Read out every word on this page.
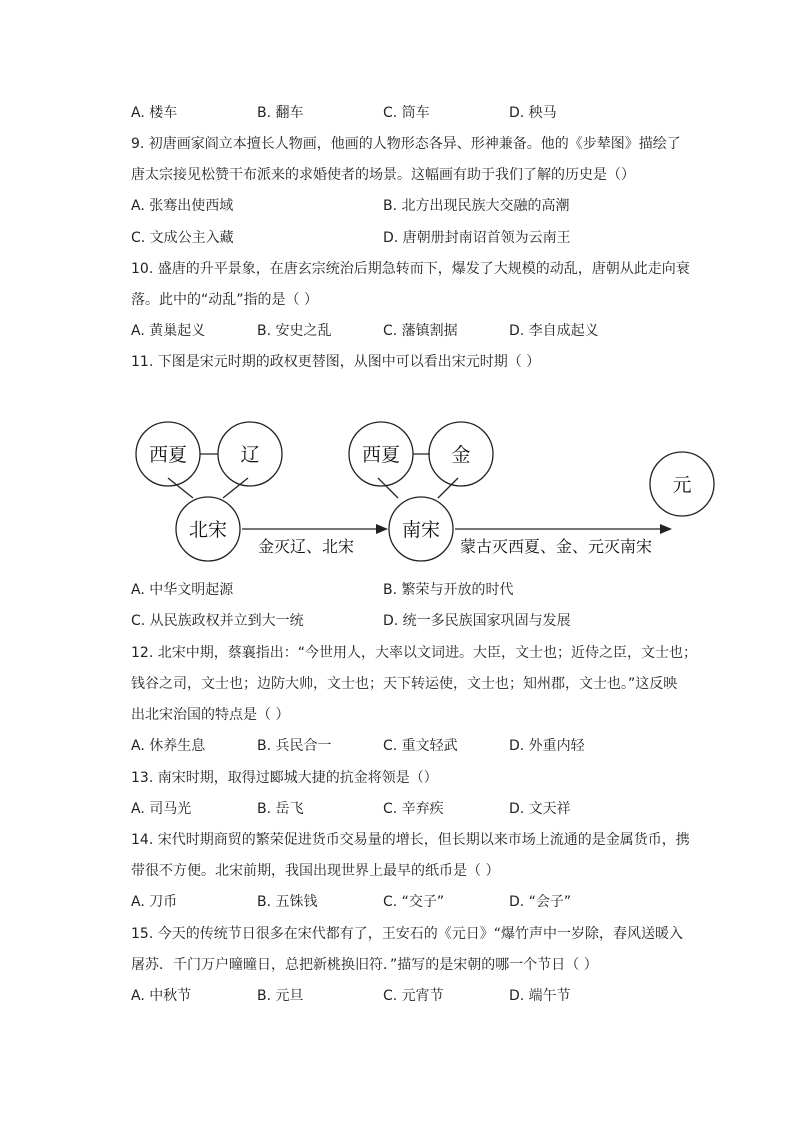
A. 楼车	B. 翻车	C. 筒车	D. 秧马
9. 初唐画家阎立本擅长人物画，他画的人物形态各异、形神兼备。他的《步辇图》描绘了
唐太宗接见松赞干布派来的求婚使者的场景。这幅画有助于我们了解的历史是（）
A. 张骞出使西域	B. 北方出现民族大交融的高潮
C. 文成公主入藏	D. 唐朝册封南诏首领为云南王
10. 盛唐的升平景象，在唐玄宗统治后期急转而下，爆发了大规模的动乱，唐朝从此走向衰
落。此中的“动乱”指的是（ ）
A. 黄巢起义	B. 安史之乱	C. 藩镇割据	D. 李自成起义
11. 下图是宋元时期的政权更替图，从图中可以看出宋元时期（ ）
西夏	辽
北宋
西夏	金
南宋
元
金灭辽、北宋	蒙古灭西夏、金、元灭南宋
A. 中华文明起源	B. 繁荣与开放的时代
C. 从民族政权并立到大一统	D. 统一多民族国家巩固与发展
12. 北宋中期，蔡襄指出：“今世用人，大率以文词进。大臣，文士也；近侍之臣，文士也；
钱谷之司，文士也；边防大帅，文士也；天下转运使，文士也；知州郡，文士也。”这反映
出北宋治国的特点是（ ）
A. 休养生息	B. 兵民合一	C. 重文轻武	D. 外重内轻
13. 南宋时期，取得过郾城大捷的抗金将领是（）
A. 司马光	B. 岳飞	C. 辛弃疾	D. 文天祥
14. 宋代时期商贸的繁荣促进货币交易量的增长，但长期以来市场上流通的是金属货币，携
带很不方便。北宋前期，我国出现世界上最早的纸币是（ ）
A. 刀币	B. 五铢钱	C. “交子”	D. “会子”
15. 今天的传统节日很多在宋代都有了，王安石的《元日》“爆竹声中一岁除，春风送暖入
屠苏．千门万户曈曈日，总把新桃换旧符．”描写的是宋朝的哪一个节日（ ）
A. 中秋节	B. 元旦	C. 元宵节	D. 端午节
